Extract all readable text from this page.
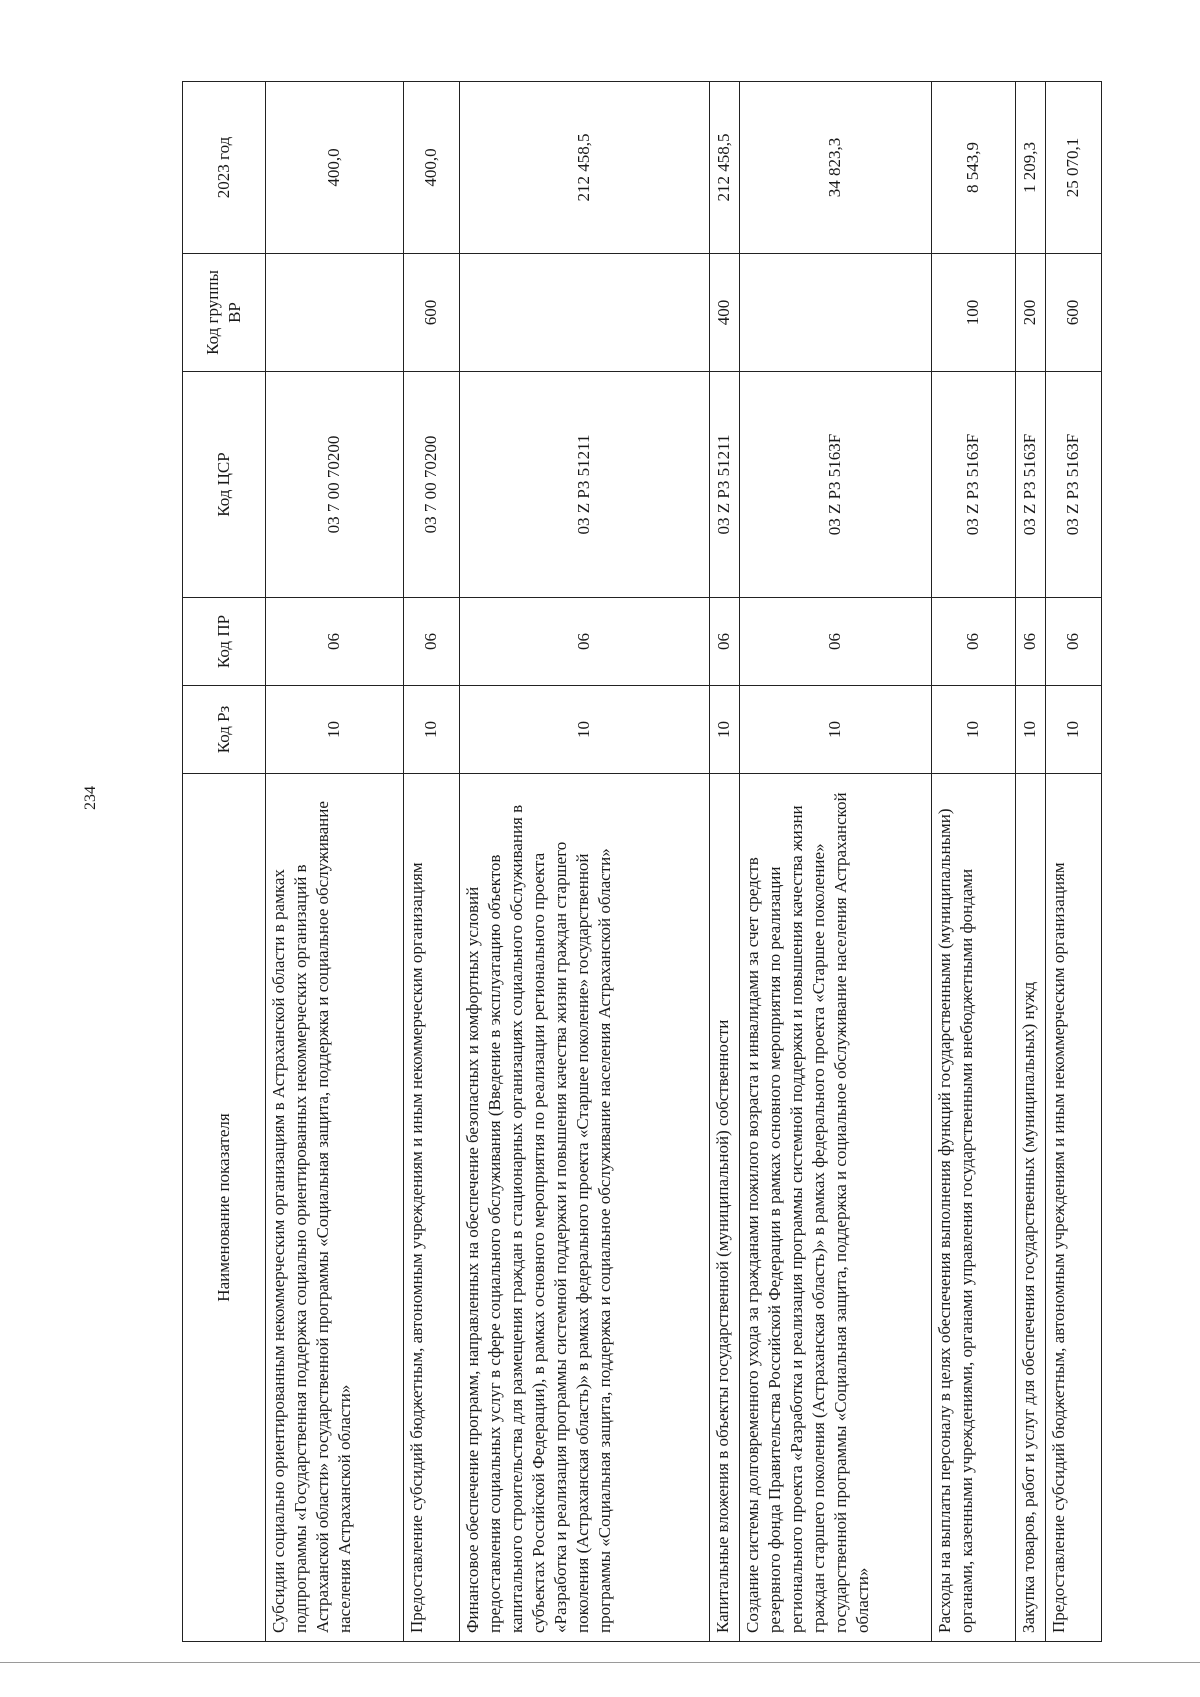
234
Наименование показателя	Код Рз	Код ПР	Код ЦСР	Код группы ВР	2023 год
Субсидии социально ориентированным некоммерческим организациям в Астраханской области в рамках подпрограммы «Государственная поддержка социально ориентированных некоммерческих организаций в Астраханской области» государственной программы «Социальная защита, поддержка и социальное обслуживание населения Астраханской области»	10	06	03 7 00 70200		400,0
Предоставление субсидий бюджетным, автономным учреждениям и иным некоммерческим организациям	10	06	03 7 00 70200	600	400,0
Финансовое обеспечение программ, направленных на обеспечение безопасных и комфортных условий предоставления социальных услуг в сфере социального обслуживания (Введение в эксплуатацию объектов капитального строительства для размещения граждан в стационарных организациях социального обслуживания в субъектах Российской Федерации), в рамках основного мероприятия по реализации регионального проекта «Разработка и реализация программы системной поддержки и повышения качества жизни граждан старшего поколения (Астраханская область)» в рамках федерального проекта «Старшее поколение» государственной программы «Социальная защита, поддержка и социальное обслуживание населения Астраханской области»	10	06	03 Z P3 51211		212 458,5
Капитальные вложения в объекты государственной (муниципальной) собственности	10	06	03 Z P3 51211	400	212 458,5
Создание системы долговременного ухода за гражданами пожилого возраста и инвалидами за счет средств резервного фонда Правительства Российской Федерации в рамках основного мероприятия по реализации регионального проекта «Разработка и реализация программы системной поддержки и повышения качества жизни граждан старшего поколения (Астраханская область)» в рамках федерального проекта «Старшее поколение» государственной программы «Социальная защита, поддержка и социальное обслуживание населения Астраханской области»	10	06	03 Z P3 5163F		34 823,3
Расходы на выплаты персоналу в целях обеспечения выполнения функций государственными (муниципальными) органами, казенными учреждениями, органами управления государственными внебюджетными фондами	10	06	03 Z P3 5163F	100	8 543,9
Закупка товаров, работ и услуг для обеспечения государственных (муниципальных) нужд	10	06	03 Z P3 5163F	200	1 209,3
Предоставление субсидий бюджетным, автономным учреждениям и иным некоммерческим организациям	10	06	03 Z P3 5163F	600	25 070,1
